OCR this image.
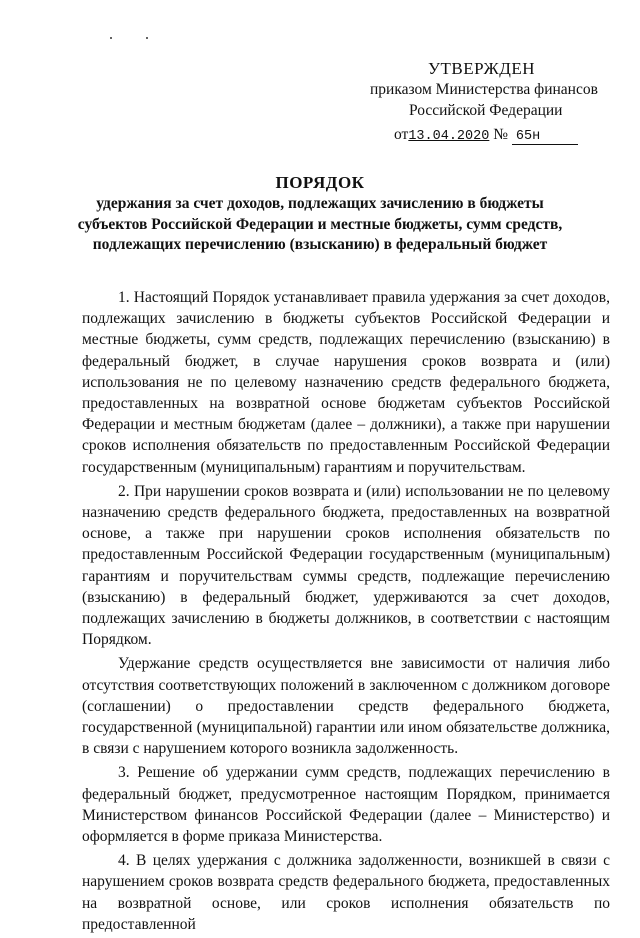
УТВЕРЖДЕН
приказом Министерства финансов
Российской Федерации
от13.04.2020 № 65н
ПОРЯДОК
удержания за счет доходов, подлежащих зачислению в бюджеты субъектов Российской Федерации и местные бюджеты, сумм средств, подлежащих перечислению (взысканию) в федеральный бюджет

1. Настоящий Порядок устанавливает правила удержания за счет доходов, подлежащих зачислению в бюджеты субъектов Российской Федерации и местные бюджеты, сумм средств, подлежащих перечислению (взысканию) в федеральный бюджет, в случае нарушения сроков возврата и (или) использования не по целевому назначению средств федерального бюджета, предоставленных на возвратной основе бюджетам субъектов Российской Федерации и местным бюджетам (далее – должники), а также при нарушении сроков исполнения обязательств по предоставленным Российской Федерации государственным (муниципальным) гарантиям и поручительствам.

2. При нарушении сроков возврата и (или) использовании не по целевому назначению средств федерального бюджета, предоставленных на возвратной основе, а также при нарушении сроков исполнения обязательств по предоставленным Российской Федерации государственным (муниципальным) гарантиям и поручительствам суммы средств, подлежащие перечислению (взысканию) в федеральный бюджет, удерживаются за счет доходов, подлежащих зачислению в бюджеты должников, в соответствии с настоящим Порядком.

Удержание средств осуществляется вне зависимости от наличия либо отсутствия соответствующих положений в заключенном с должником договоре (соглашении) о предоставлении средств федерального бюджета, государственной (муниципальной) гарантии или ином обязательстве должника, в связи с нарушением которого возникла задолженность.

3. Решение об удержании сумм средств, подлежащих перечислению в федеральный бюджет, предусмотренное настоящим Порядком, принимается Министерством финансов Российской Федерации (далее – Министерство) и оформляется в форме приказа Министерства.

4. В целях удержания с должника задолженности, возникшей в связи с нарушением сроков возврата средств федерального бюджета, предоставленных на возвратной основе, или сроков исполнения обязательств по предоставленной
